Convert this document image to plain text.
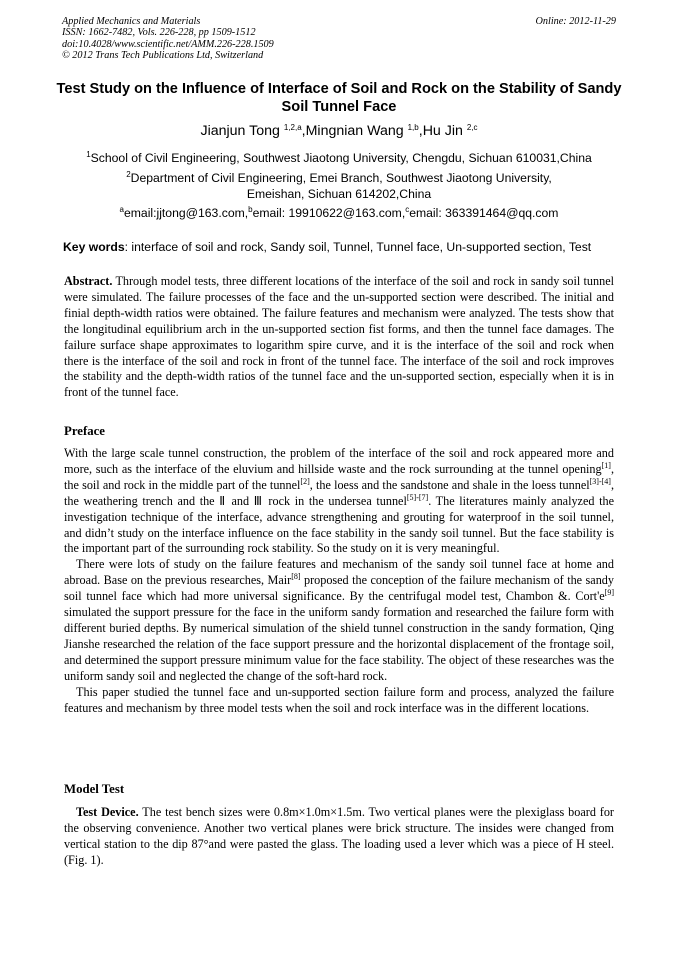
Applied Mechanics and Materials
ISSN: 1662-7482, Vols. 226-228, pp 1509-1512
doi:10.4028/www.scientific.net/AMM.226-228.1509
© 2012 Trans Tech Publications Ltd, Switzerland
Online: 2012-11-29
Test Study on the Influence of Interface of Soil and Rock on the Stability of Sandy Soil Tunnel Face
Jianjun Tong $^{1,2,a}$,Mingnian Wang $^{1,b}$,Hu Jin $^{2,c}$
$^1$School of Civil Engineering, Southwest Jiaotong University, Chengdu, Sichuan 610031,China
$^2$Department of Civil Engineering, Emei Branch, Southwest Jiaotong University, Emeishan, Sichuan 614202,China
$^a$email:jjtong@163.com,$^b$email: 19910622@163.com,$^c$email: 363391464@qq.com
Key words: interface of soil and rock, Sandy soil, Tunnel, Tunnel face, Un-supported section, Test

Abstract. Through model tests, three different locations of the interface of the soil and rock in sandy soil tunnel were simulated. The failure processes of the face and the un-supported section were described. The initial and finial depth-width ratios were obtained. The failure features and mechanism were analyzed. The tests show that the longitudinal equilibrium arch in the un-supported section fist forms, and then the tunnel face damages. The failure surface shape approximates to logarithm spire curve, and it is the interface of the soil and rock when there is the interface of the soil and rock in front of the tunnel face. The interface of the soil and rock improves the stability and the depth-width ratios of the tunnel face and the un-supported section, especially when it is in front of the tunnel face.

Preface

With the large scale tunnel construction, the problem of the interface of the soil and rock appeared more and more, such as the interface of the eluvium and hillside waste and the rock surrounding at the tunnel opening[1], the soil and rock in the middle part of the tunnel[2], the loess and the sandstone and shale in the loess tunnel[3]-[4], the weathering trench and the Ⅱ and Ⅲ rock in the undersea tunnel[5]-[7]. The literatures mainly analyzed the investigation technique of the interface, advance strengthening and grouting for waterproof in the soil tunnel, and didn’t study on the interface influence on the face stability in the sandy soil tunnel. But the face stability is the important part of the surrounding rock stability. So the study on it is very meaningful.

There were lots of study on the failure features and mechanism of the sandy soil tunnel face at home and abroad. Base on the previous researches, Mair[8] proposed the conception of the failure mechanism of the sandy soil tunnel face which had more universal significance. By the centrifugal model test, Chambon &. Cort'e[9] simulated the support pressure for the face in the uniform sandy formation and researched the failure form with different buried depths. By numerical simulation of the shield tunnel construction in the sandy formation, Qing Jianshe researched the relation of the face support pressure and the horizontal displacement of the frontage soil, and determined the support pressure minimum value for the face stability. The object of these researches was the uniform sandy soil and neglected the change of the soft-hard rock.

This paper studied the tunnel face and un-supported section failure form and process, analyzed the failure features and mechanism by three model tests when the soil and rock interface was in the different locations.

Model Test

Test Device. The test bench sizes were 0.8m×1.0m×1.5m. Two vertical planes were the plexiglass board for the observing convenience. Another two vertical planes were brick structure. The insides were changed from vertical station to the dip 87°and were pasted the glass. The loading used a lever which was a piece of H steel. (Fig. 1).
